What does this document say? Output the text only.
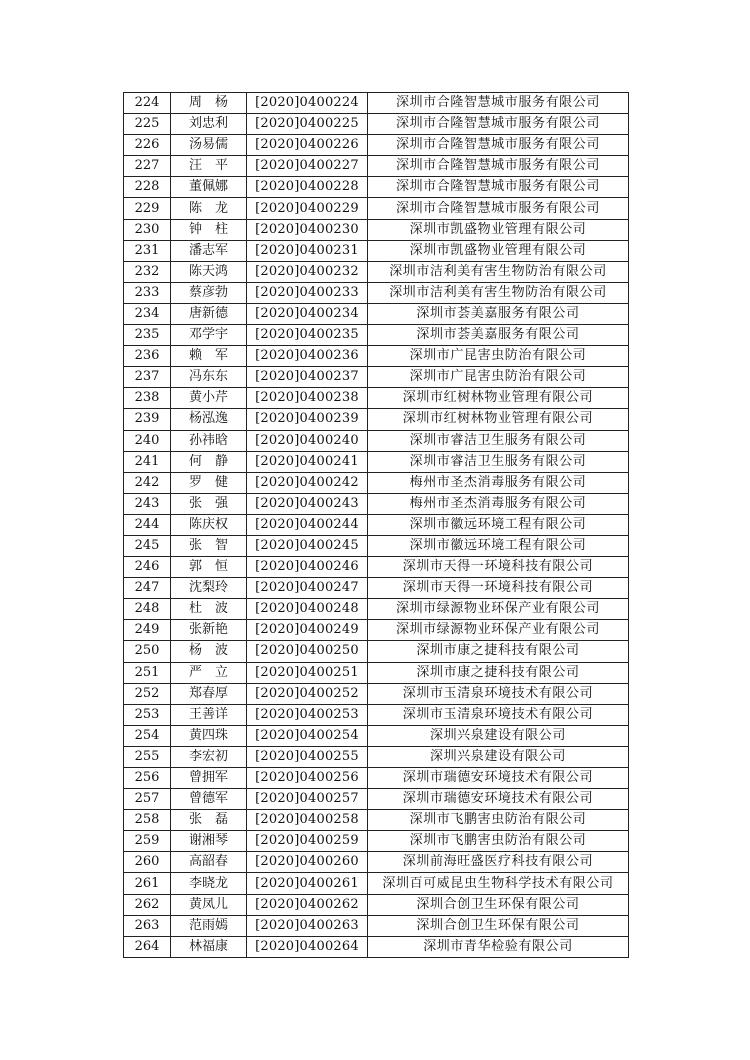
224	周　杨	[2020]0400224	深圳市合隆智慧城市服务有限公司
225	刘忠利	[2020]0400225	深圳市合隆智慧城市服务有限公司
226	汤易儒	[2020]0400226	深圳市合隆智慧城市服务有限公司
227	汪　平	[2020]0400227	深圳市合隆智慧城市服务有限公司
228	董佩娜	[2020]0400228	深圳市合隆智慧城市服务有限公司
229	陈　龙	[2020]0400229	深圳市合隆智慧城市服务有限公司
230	钟　柱	[2020]0400230	深圳市凯盛物业管理有限公司
231	潘志军	[2020]0400231	深圳市凯盛物业管理有限公司
232	陈天鸿	[2020]0400232	深圳市洁利美有害生物防治有限公司
233	蔡彦勃	[2020]0400233	深圳市洁利美有害生物防治有限公司
234	唐新德	[2020]0400234	深圳市荟美嘉服务有限公司
235	邓学宇	[2020]0400235	深圳市荟美嘉服务有限公司
236	赖　军	[2020]0400236	深圳市广昆害虫防治有限公司
237	冯东东	[2020]0400237	深圳市广昆害虫防治有限公司
238	黄小芹	[2020]0400238	深圳市红树林物业管理有限公司
239	杨泓逸	[2020]0400239	深圳市红树林物业管理有限公司
240	孙祎晗	[2020]0400240	深圳市睿洁卫生服务有限公司
241	何　静	[2020]0400241	深圳市睿洁卫生服务有限公司
242	罗　健	[2020]0400242	梅州市圣杰消毒服务有限公司
243	张　强	[2020]0400243	梅州市圣杰消毒服务有限公司
244	陈庆权	[2020]0400244	深圳市徽远环境工程有限公司
245	张　智	[2020]0400245	深圳市徽远环境工程有限公司
246	郭　恒	[2020]0400246	深圳市天得一环境科技有限公司
247	沈梨玲	[2020]0400247	深圳市天得一环境科技有限公司
248	杜　波	[2020]0400248	深圳市绿源物业环保产业有限公司
249	张新艳	[2020]0400249	深圳市绿源物业环保产业有限公司
250	杨　波	[2020]0400250	深圳市康之捷科技有限公司
251	严　立	[2020]0400251	深圳市康之捷科技有限公司
252	郑春厚	[2020]0400252	深圳市玉清泉环境技术有限公司
253	王善详	[2020]0400253	深圳市玉清泉环境技术有限公司
254	黄四珠	[2020]0400254	深圳兴泉建设有限公司
255	李宏初	[2020]0400255	深圳兴泉建设有限公司
256	曾拥军	[2020]0400256	深圳市瑞德安环境技术有限公司
257	曾德军	[2020]0400257	深圳市瑞德安环境技术有限公司
258	张　磊	[2020]0400258	深圳市飞鹏害虫防治有限公司
259	谢湘琴	[2020]0400259	深圳市飞鹏害虫防治有限公司
260	高韶春	[2020]0400260	深圳前海旺盛医疗科技有限公司
261	李晓龙	[2020]0400261	深圳百可威昆虫生物科学技术有限公司
262	黄凤儿	[2020]0400262	深圳合创卫生环保有限公司
263	范雨嫣	[2020]0400263	深圳合创卫生环保有限公司
264	林福康	[2020]0400264	深圳市青华检验有限公司
